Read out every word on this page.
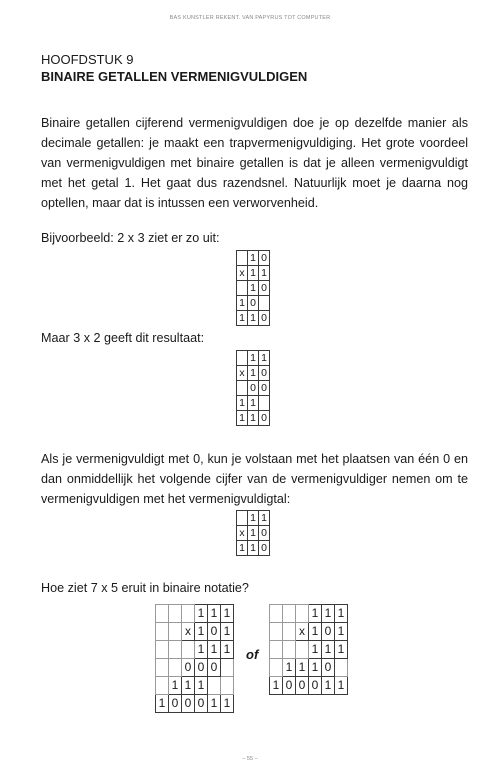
BAS KUNSTLER REKENT. VAN PAPYRUS TOT COMPUTER
HOOFDSTUK 9
BINAIRE GETALLEN VERMENIGVULDIGEN

Binaire getallen cijferend vermenigvuldigen doe je op dezelfde manier als decimale getallen: je maakt een trapvermenigvuldiging. Het grote voordeel van vermenigvuldigen met binaire getallen is dat je alleen vermenigvuldigt met het getal 1. Het gaat dus razendsnel. Natuurlijk moet je daarna nog optellen, maar dat is intussen een verworvenheid.

Bijvoorbeeld: 2 x 3 ziet er zo uit:
	1	0
x	1	1
	1	0
1	0	
1	1	0
Maar 3 x 2 geeft dit resultaat:
	1	1
x	1	0
	0	0
1	1	
1	1	0

Als je vermenigvuldigt met 0, kun je volstaan met het plaatsen van één 0 en dan onmiddellijk het volgende cijfer van de vermenigvuldiger nemen om te vermenigvuldigen met het vermenigvuldigtal:

	1	1
x	1	0
1	1	0
Hoe ziet 7 x 5 eruit in binaire notatie?
			1	1	1
		x	1	0	1
			1	1	1
		0	0	0	
	1	1	1		
1	0	0	0	1	1
of
			1	1	1
		x	1	0	1
			1	1	1
	1	1	1	0	
1	0	0	0	1	1
– 55 –
